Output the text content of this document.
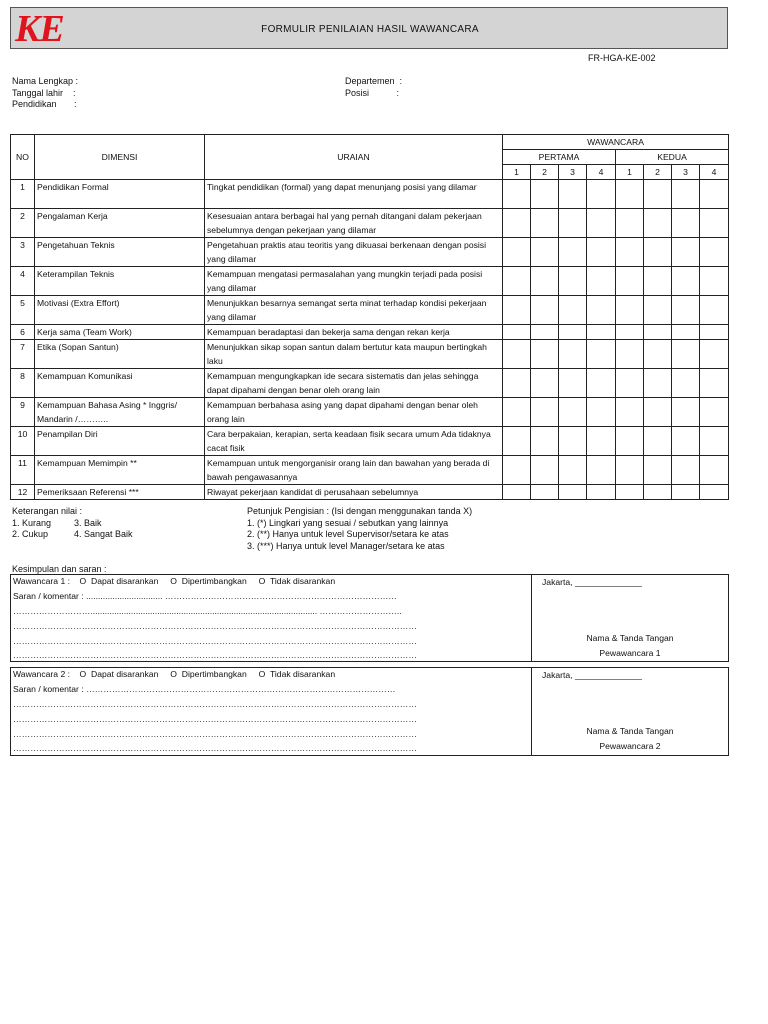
KE	FORMULIR PENILAIAN HASIL WAWANCARA
FR-HGA-KE-002
Nama Lengkap :
Tanggal lahir    :
Pendidikan       :
Departemen  :
Posisi           :
NO	DIMENSI	URAIAN	WAWANCARA							
			PERTAMA				KEDUA			
			1	2	3	4	1	2	3	4
1	Pendidikan Formal	Tingkat pendidikan (formal) yang dapat menunjang posisi yang dilamar								
2	Pengalaman Kerja	Kesesuaian antara berbagai hal yang pernah ditangani dalam pekerjaan sebelumnya dengan pekerjaan yang dilamar								
3	Pengetahuan Teknis	Pengetahuan praktis atau teoritis yang dikuasai berkenaan dengan posisi yang dilamar								
4	Keterampilan Teknis	Kemampuan mengatasi permasalahan yang mungkin terjadi pada posisi yang dilamar								
5	Motivasi (Extra Effort)	Menunjukkan besarnya semangat serta minat terhadap kondisi pekerjaan yang dilamar								
6	Kerja sama (Team Work)	Kemampuan beradaptasi dan bekerja sama dengan rekan kerja								
7	Etika (Sopan Santun)	Menunjukkan sikap sopan santun dalam bertutur kata maupun bertingkah laku								
8	Kemampuan Komunikasi	Kemampuan mengungkapkan ide secara sistematis dan jelas sehingga dapat dipahami dengan benar oleh orang lain								
9	Kemampuan Bahasa Asing * Inggris/ Mandarin /………..	Kemampuan berbahasa asing yang dapat dipahami dengan benar oleh orang lain								
10	Penampilan Diri	Cara berpakaian, kerapian, serta keadaan fisik secara umum Ada tidaknya cacat fisik								
11	Kemampuan Memimpin **	Kemampuan untuk mengorganisir orang lain dan bawahan yang berada di bawah pengawasannya								
12	Pemeriksaan Referensi ***	Riwayat pekerjaan kandidat di perusahaan sebelumnya								
Keterangan nilai :
1. Kurang	3. Baik
2. Cukup	4. Sangat Baik
Petunjuk Pengisian : (Isi dengan menggunakan tanda X)
1. (*) Lingkari yang sesuai / sebutkan yang lainnya
2. (**) Hanya untuk level Supervisor/setara ke atas
3. (***) Hanya untuk level Manager/setara ke atas
Kesimpulan dan saran :
Wawancara 1 :    O  Dapat disarankan     O  Dipertimbangkan     O  Tidak disarankan
Saran / komentar : ................................ ………………………………………………………………………
………………………............................................................................................... ………………………..
……………………………………………………………………………………………………………………………
……………………………………………………………………………………………………………………………
……………………………………………………………………………………………………………………………
Jakarta, ______________
Nama & Tanda Tangan
Pewawancara 1
Wawancara 2 :    O  Dapat disarankan     O  Dipertimbangkan     O  Tidak disarankan
Saran / komentar : ………………………………………………………………………………………………
……………………………………………………………………………………………………………………………
……………………………………………………………………………………………………………………………
……………………………………………………………………………………………………………………………
……………………………………………………………………………………………………………………………
Jakarta, ______________
Nama & Tanda Tangan
Pewawancara 2
